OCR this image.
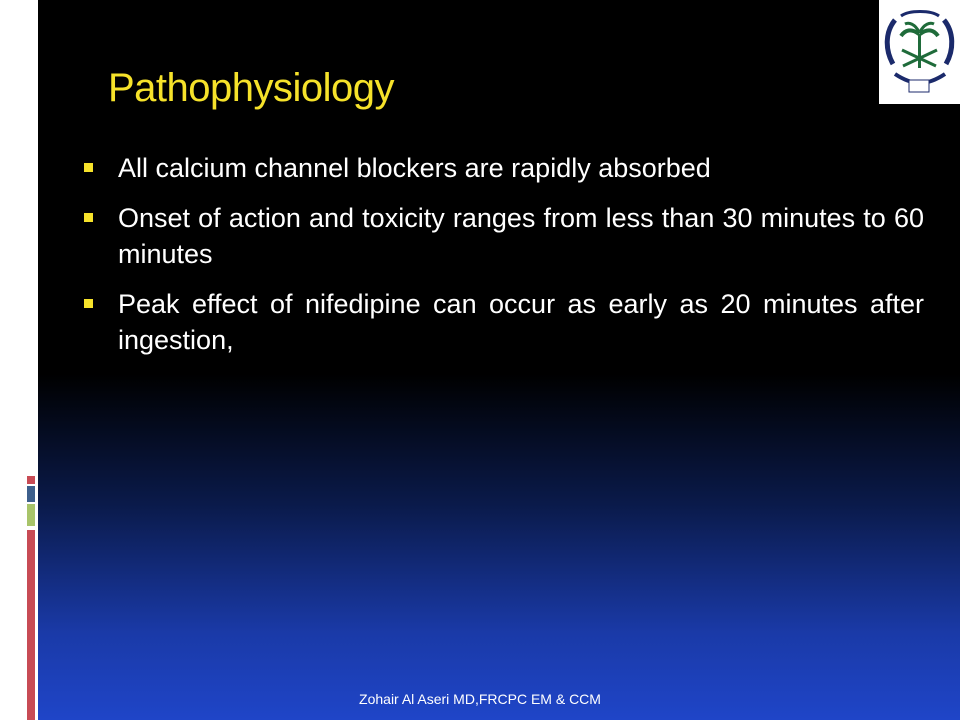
Pathophysiology
All calcium channel blockers are rapidly absorbed
Onset of action and toxicity ranges from less than 30 minutes to 60 minutes
Peak effect of nifedipine can occur as early as 20 minutes after ingestion,
Zohair Al Aseri MD,FRCPC EM & CCM
